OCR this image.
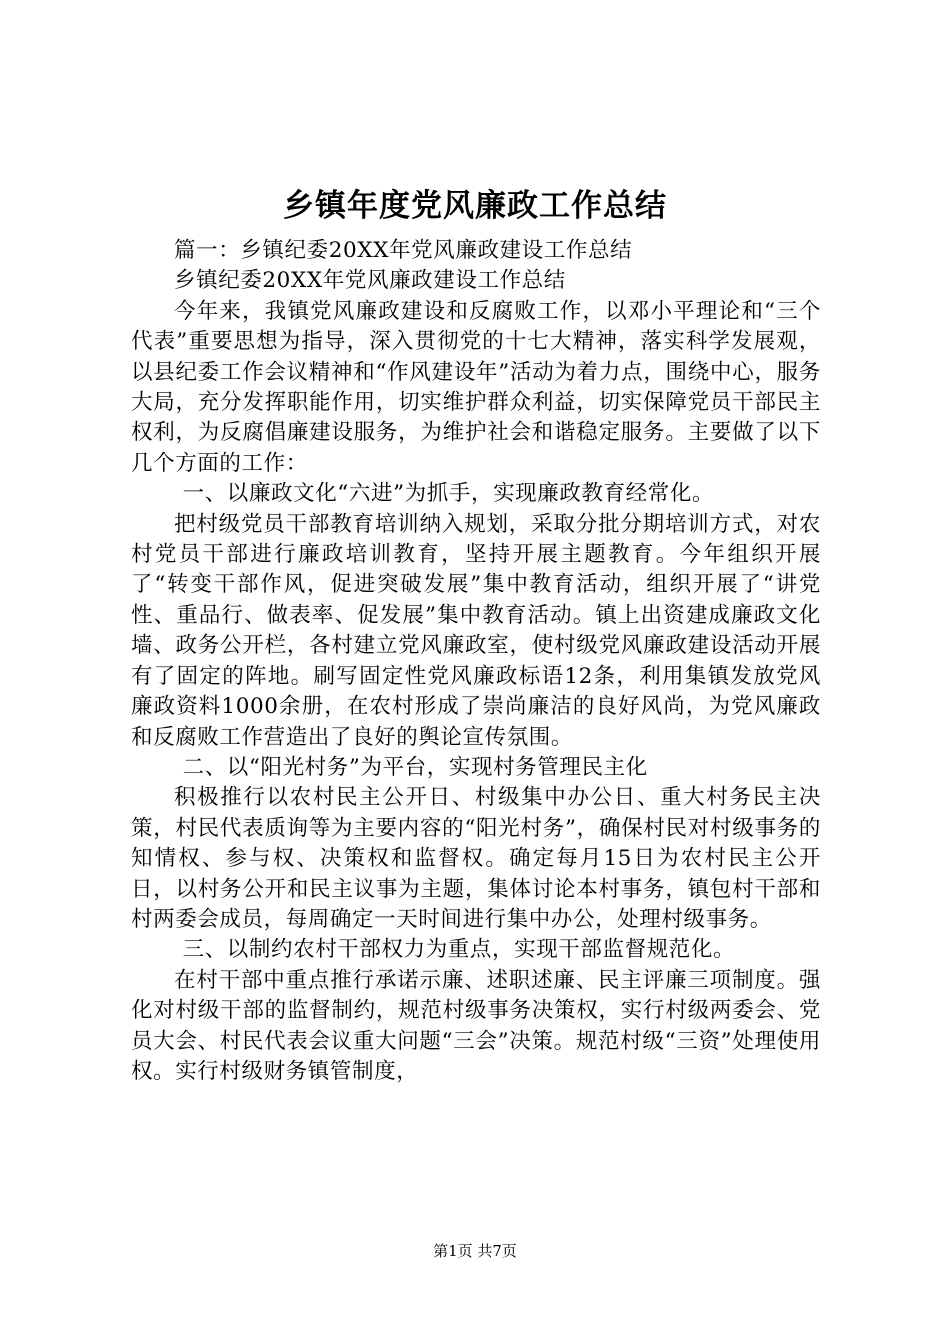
乡镇年度党风廉政工作总结

篇一：乡镇纪委20XX年党风廉政建设工作总结

乡镇纪委20XX年党风廉政建设工作总结

今年来，我镇党风廉政建设和反腐败工作，以邓小平理论和“三个代表”重要思想为指导，深入贯彻党的十七大精神，落实科学发展观，以县纪委工作会议精神和“作风建设年”活动为着力点，围绕中心，服务大局，充分发挥职能作用，切实维护群众利益，切实保障党员干部民主权利，为反腐倡廉建设服务，为维护社会和谐稳定服务。主要做了以下几个方面的工作：

一、以廉政文化“六进”为抓手，实现廉政教育经常化。

把村级党员干部教育培训纳入规划，采取分批分期培训方式，对农村党员干部进行廉政培训教育，坚持开展主题教育。今年组织开展了“转变干部作风，促进突破发展”集中教育活动，组织开展了“讲党性、重品行、做表率、促发展”集中教育活动。镇上出资建成廉政文化墙、政务公开栏，各村建立党风廉政室，使村级党风廉政建设活动开展有了固定的阵地。刷写固定性党风廉政标语12条，利用集镇发放党风廉政资料1000余册，在农村形成了崇尚廉洁的良好风尚，为党风廉政和反腐败工作营造出了良好的舆论宣传氛围。

二、以“阳光村务”为平台，实现村务管理民主化

积极推行以农村民主公开日、村级集中办公日、重大村务民主决策，村民代表质询等为主要内容的“阳光村务”，确保村民对村级事务的知情权、参与权、决策权和监督权。确定每月15日为农村民主公开日，以村务公开和民主议事为主题，集体讨论本村事务，镇包村干部和村两委会成员，每周确定一天时间进行集中办公，处理村级事务。

三、以制约农村干部权力为重点，实现干部监督规范化。

在村干部中重点推行承诺示廉、述职述廉、民主评廉三项制度。强化对村级干部的监督制约，规范村级事务决策权，实行村级两委会、党员大会、村民代表会议重大问题“三会”决策。规范村级“三资”处理使用权。实行村级财务镇管制度，

第1页 共7页
